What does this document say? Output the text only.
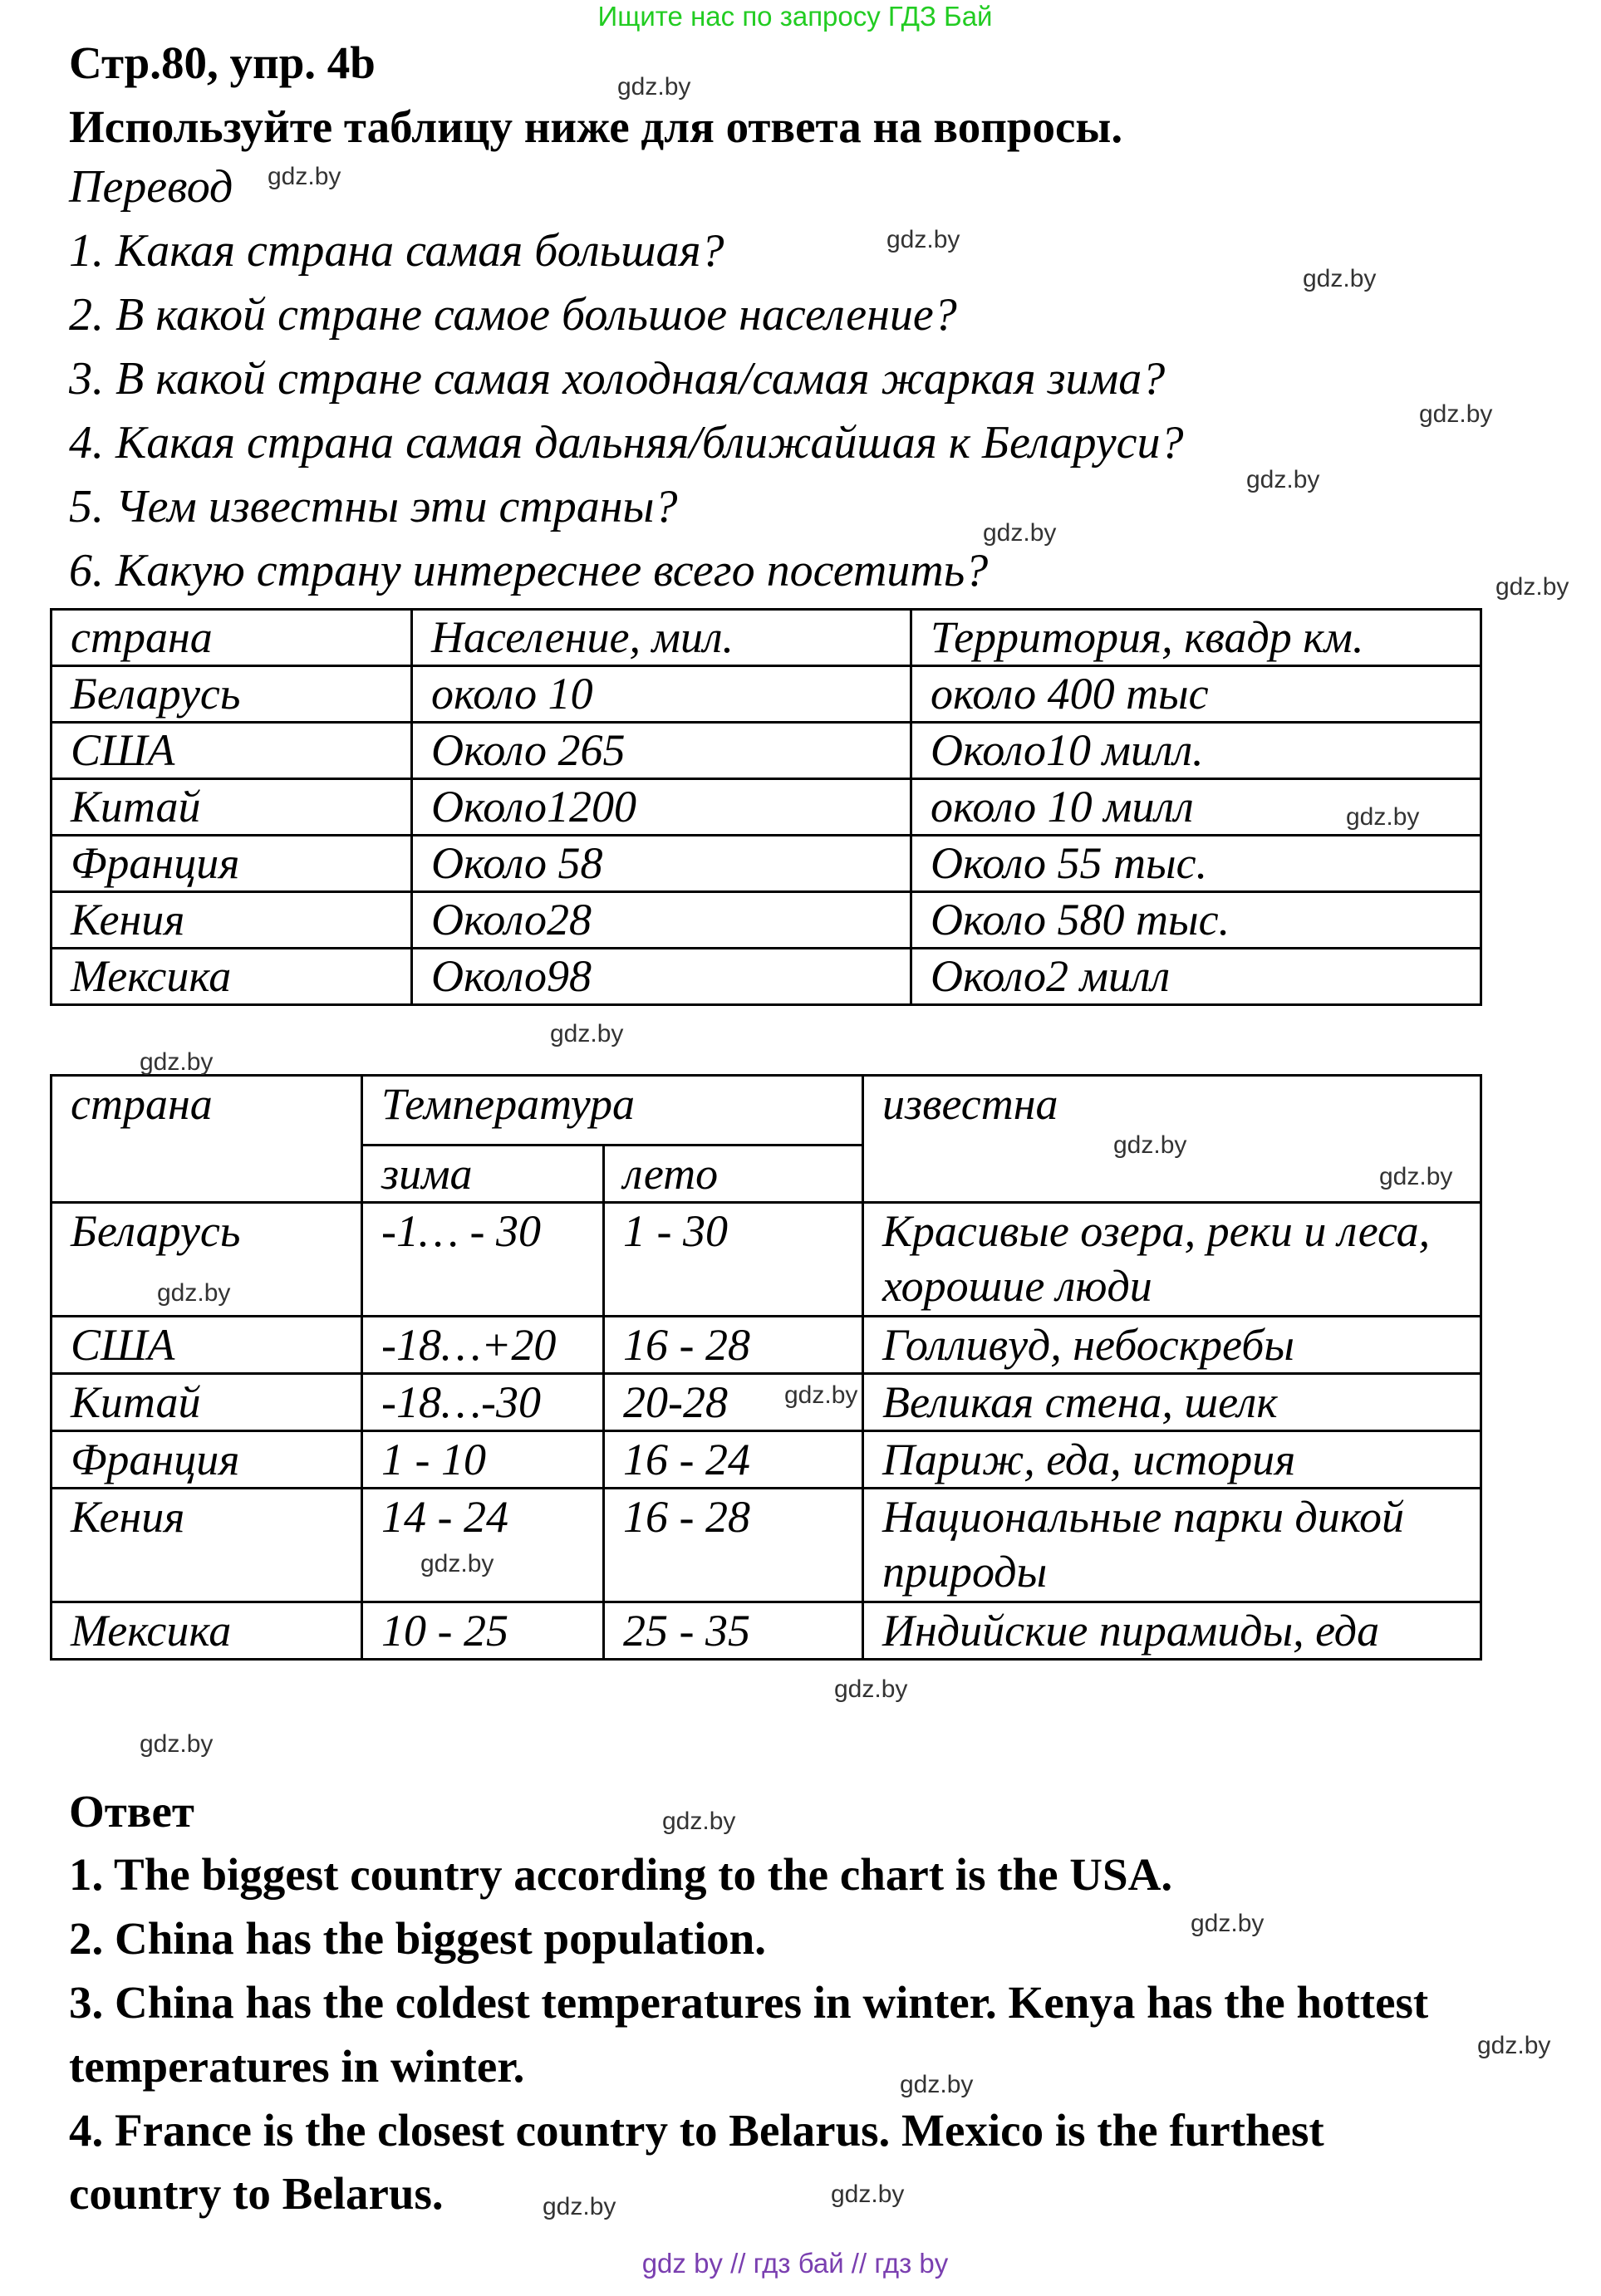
Ищите нас по запросу ГДЗ Бай
Стр.80, упр. 4b
Используйте таблицу ниже для ответа на вопросы.
Перевод
1. Какая страна самая большая?
2. В какой стране самое большое население?
3. В какой стране самая холодная/самая жаркая зима?
4. Какая страна самая дальняя/ближайшая к Беларуси?
5. Чем известны эти страны?
6. Какую страну интереснее всего посетить?
страна	Население, мил.	Территория, квадр км.
Беларусь	около 10	около 400 тыс
США	Около 265	Около10 милл.
Китай	Около1200	около 10 милл
Франция	Около 58	Около 55 тыс.
Кения	Около28	Около 580 тыс.
Мексика	Около98	Около2 милл
страна	Температура		известна
	зима	лето	
Беларусь	-1… - 30	1 - 30	Красивые озера, реки и леса, хорошие люди
США	-18…+20	16 - 28	Голливуд, небоскребы
Китай	-18…-30	20-28	Великая стена, шелк
Франция	1 - 10	16 - 24	Париж, еда, история
Кения	14 - 24	16 - 28	Национальные парки дикой природы
Мексика	10 - 25	25 - 35	Индийские пирамиды, еда
Ответ
1. The biggest country according to the chart is the USA.
2. China has the biggest population.
3. China has the coldest temperatures in winter. Kenya has the hottest
temperatures in winter.
4. France is the closest country to Belarus. Mexico is the furthest
country to Belarus.
gdz.by
gdz.by
gdz.by
gdz.by
gdz.by
gdz.by
gdz.by
gdz.by
gdz.by
gdz.by
gdz.by
gdz.by
gdz.by
gdz.by
gdz.by
gdz.by
gdz.by
gdz.by
gdz.by
gdz.by
gdz.by
gdz.by
gdz.by
gdz.by
gdz by // гдз бай // гдз by
